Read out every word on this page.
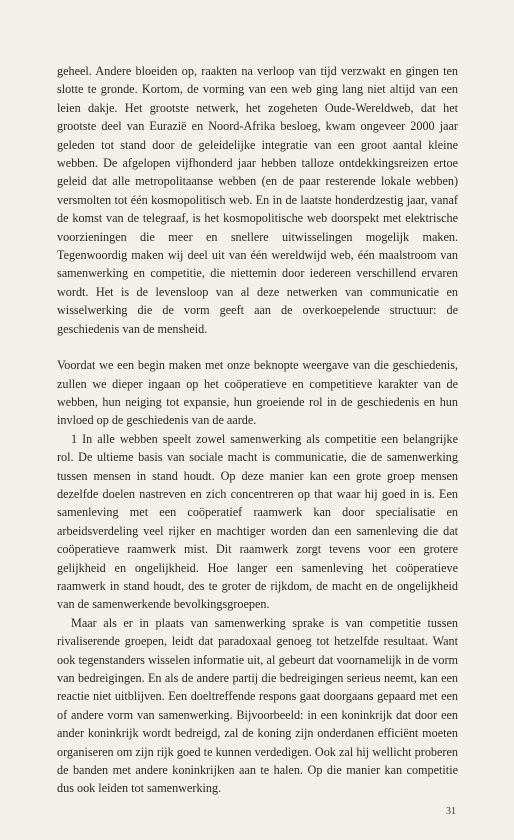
geheel. Andere bloeiden op, raakten na verloop van tijd verzwakt en gingen ten slotte te gronde. Kortom, de vorming van een web ging lang niet altijd van een leien dakje. Het grootste netwerk, het zogeheten Oude-Wereldweb, dat het grootste deel van Eurazië en Noord-Afrika besloeg, kwam ongeveer 2000 jaar geleden tot stand door de geleidelijke integratie van een groot aantal kleine webben. De afgelopen vijfhonderd jaar hebben talloze ontdekkingsreizen ertoe geleid dat alle metropolitaanse webben (en de paar resterende lokale webben) versmolten tot één kosmopolitisch web. En in de laatste honderdzestig jaar, vanaf de komst van de telegraaf, is het kosmopolitische web doorspekt met elektrische voorzieningen die meer en snellere uitwisselingen mogelijk maken. Tegenwoordig maken wij deel uit van één wereldwijd web, één maalstroom van samenwerking en competitie, die niettemin door iedereen verschillend ervaren wordt. Het is de levensloop van al deze netwerken van communicatie en wisselwerking die de vorm geeft aan de overkoepelende structuur: de geschiedenis van de mensheid.

Voordat we een begin maken met onze beknopte weergave van die geschiedenis, zullen we dieper ingaan op het coöperatieve en competitieve karakter van de webben, hun neiging tot expansie, hun groeiende rol in de geschiedenis en hun invloed op de geschiedenis van de aarde.

1 In alle webben speelt zowel samenwerking als competitie een belangrijke rol. De ultieme basis van sociale macht is communicatie, die de samenwerking tussen mensen in stand houdt. Op deze manier kan een grote groep mensen dezelfde doelen nastreven en zich concentreren op that waar hij goed in is. Een samenleving met een coöperatief raamwerk kan door specialisatie en arbeidsverdeling veel rijker en machtiger worden dan een samenleving die dat coöperatieve raamwerk mist. Dit raamwerk zorgt tevens voor een grotere gelijkheid en ongelijkheid. Hoe langer een samenleving het coöperatieve raamwerk in stand houdt, des te groter de rijkdom, de macht en de ongelijkheid van de samenwerkende bevolkingsgroepen.

Maar als er in plaats van samenwerking sprake is van competitie tussen rivaliserende groepen, leidt dat paradoxaal genoeg tot hetzelfde resultaat. Want ook tegenstanders wisselen informatie uit, al gebeurt dat voornamelijk in de vorm van bedreigingen. En als de andere partij die bedreigingen serieus neemt, kan een reactie niet uitblijven. Een doeltreffende respons gaat doorgaans gepaard met een of andere vorm van samenwerking. Bijvoorbeeld: in een koninkrijk dat door een ander koninkrijk wordt bedreigd, zal de koning zijn onderdanen efficiënt moeten organiseren om zijn rijk goed te kunnen verdedigen. Ook zal hij wellicht proberen de banden met andere koninkrijken aan te halen. Op die manier kan competitie dus ook leiden tot samenwerking.

31
